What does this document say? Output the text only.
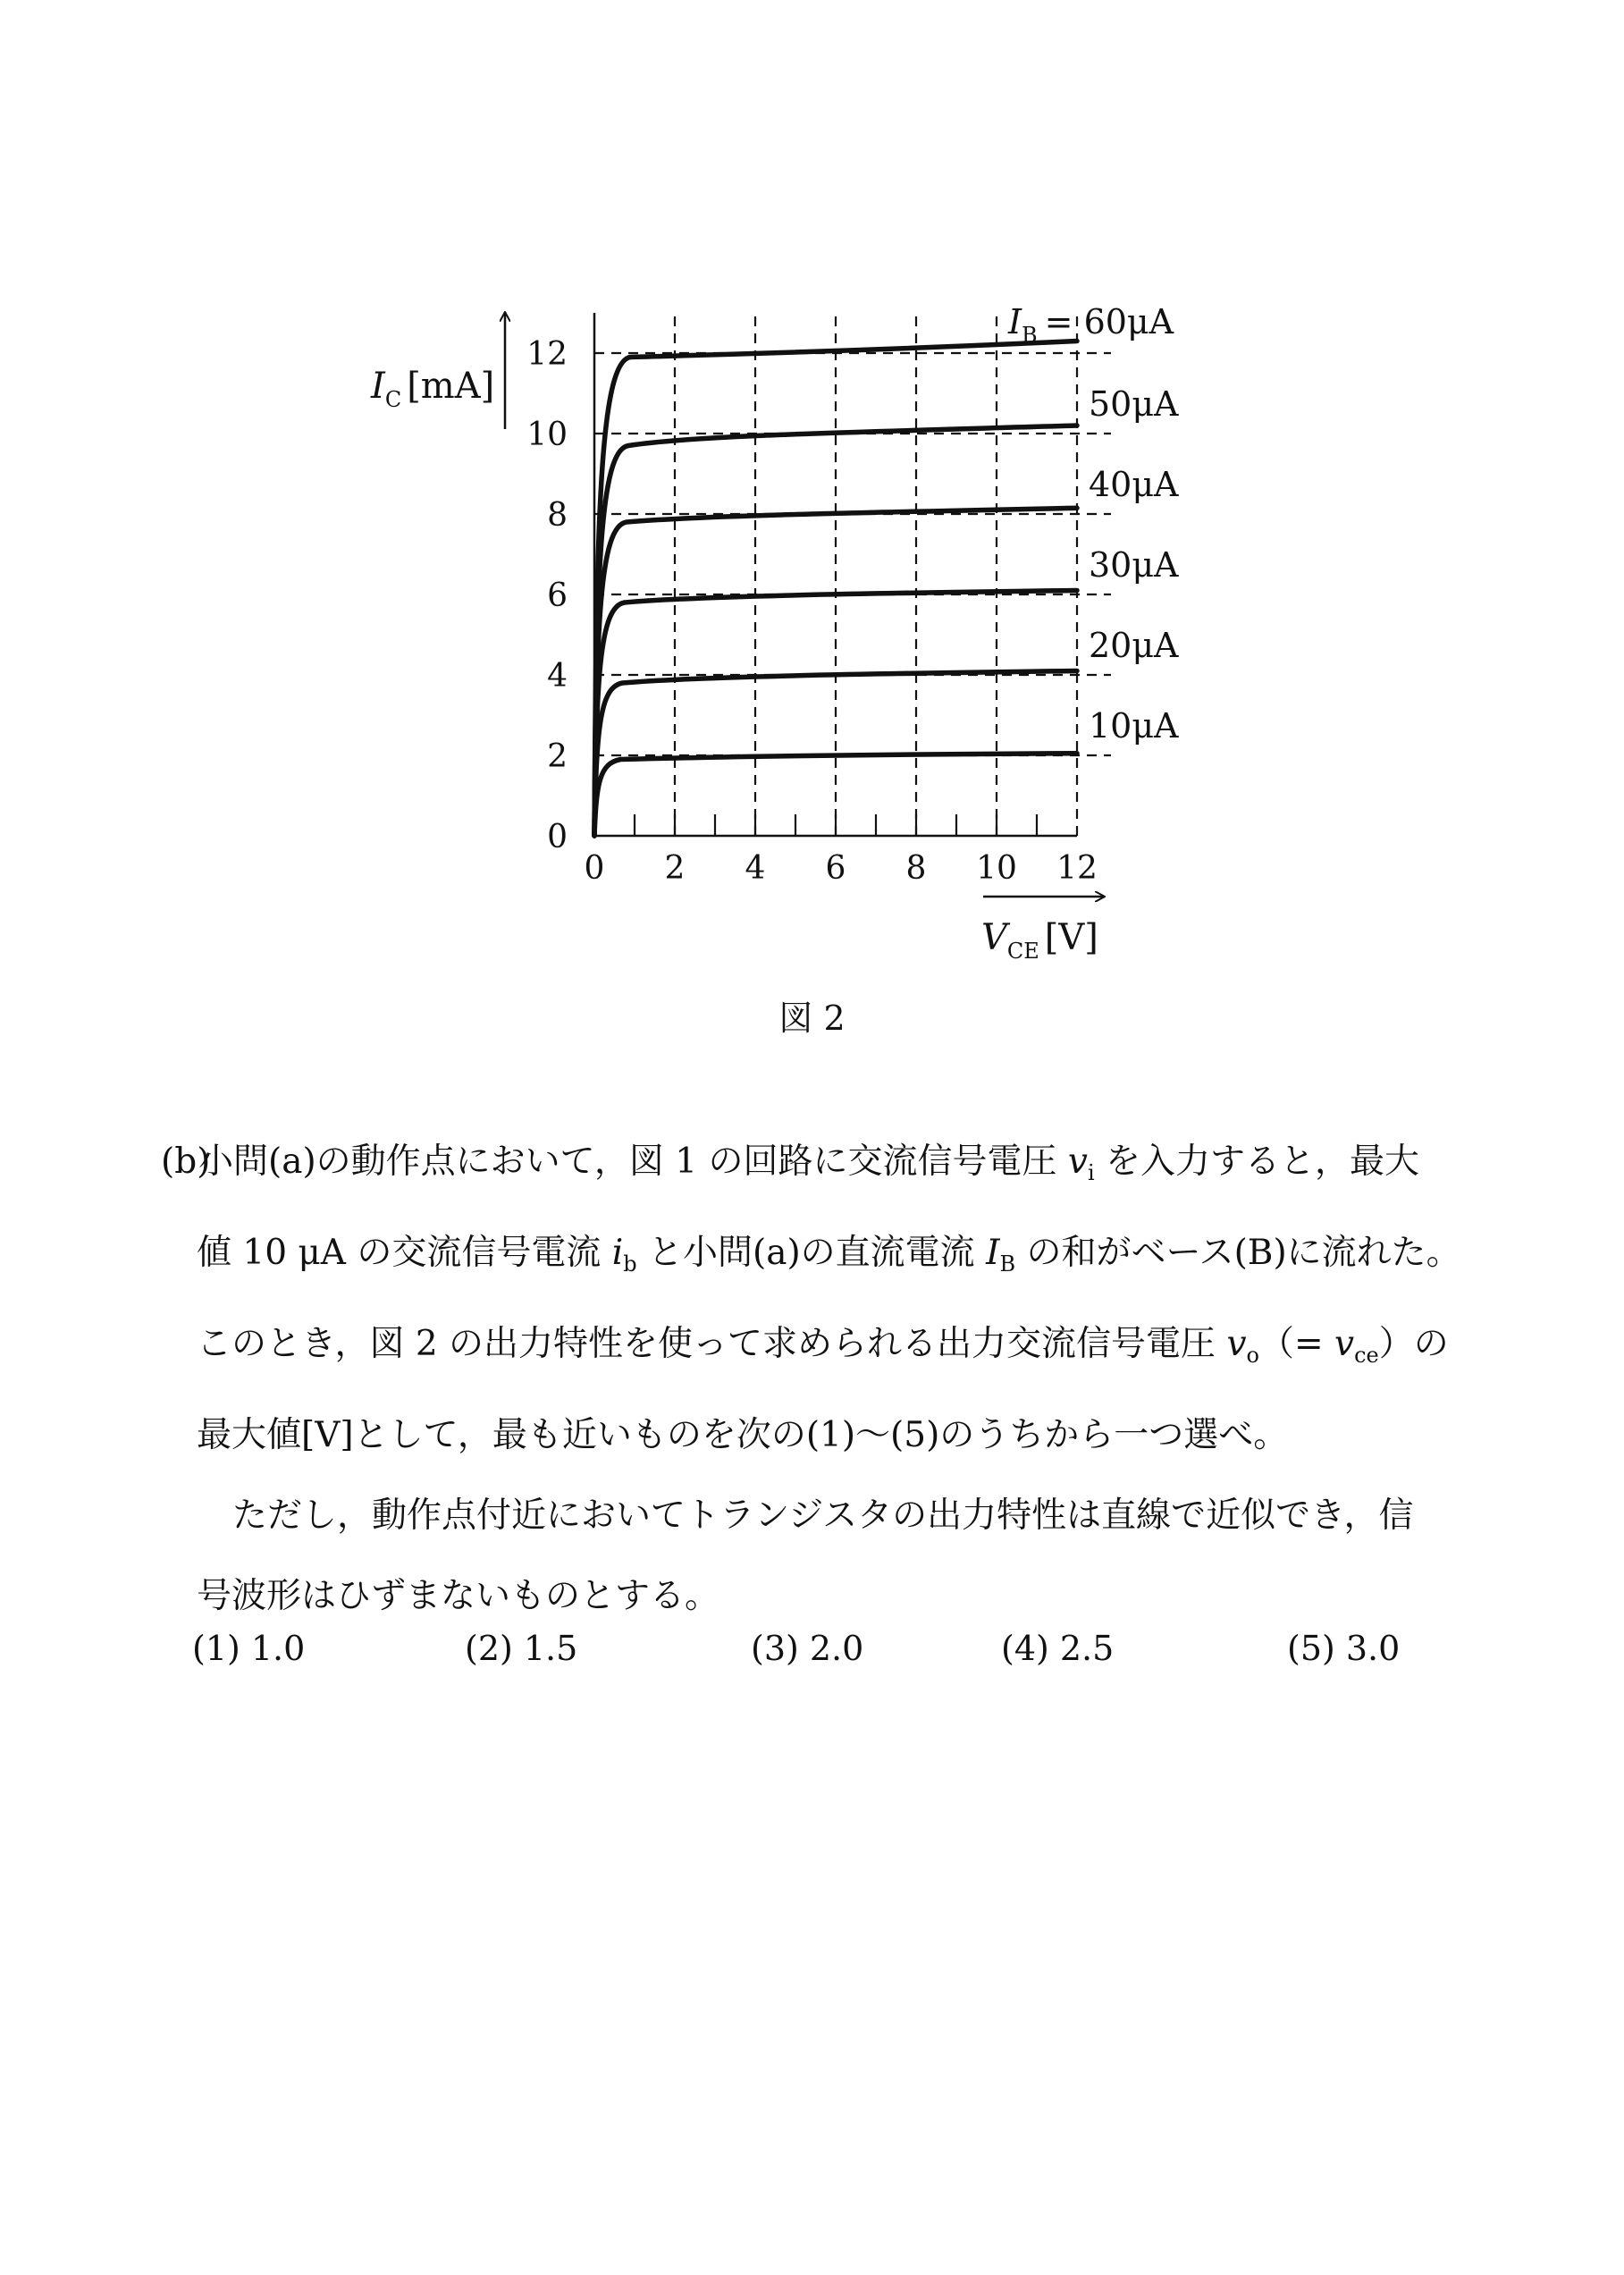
0 2 4 6 8 10 12
0
2
4
6
8
10
12
10μA
20μA
30μA
40μA
50μA
$I_B = 60\mu A$
$I_C$ [mA]
$V_{CE}$ [V]
図 2
(b)小問(a)の動作点において，図 1 の回路に交流信号電圧 $v_i$ を入力すると，最大
値 10 μA の交流信号電流 $i_b$ と小問(a)の直流電流 $I_B$ の和がベース(B)に流れた。
このとき，図 2 の出力特性を使って求められる出力交流信号電圧 $v_o(= v_{ce})$の
最大値[V]として，最も近いものを次の(1)〜(5)のうちから一つ選べ。
ただし，動作点付近においてトランジスタの出力特性は直線で近似でき，信
号波形はひずまないものとする。
(1) 1.0	(2) 1.5	(3) 2.0	(4) 2.5	(5) 3.0
